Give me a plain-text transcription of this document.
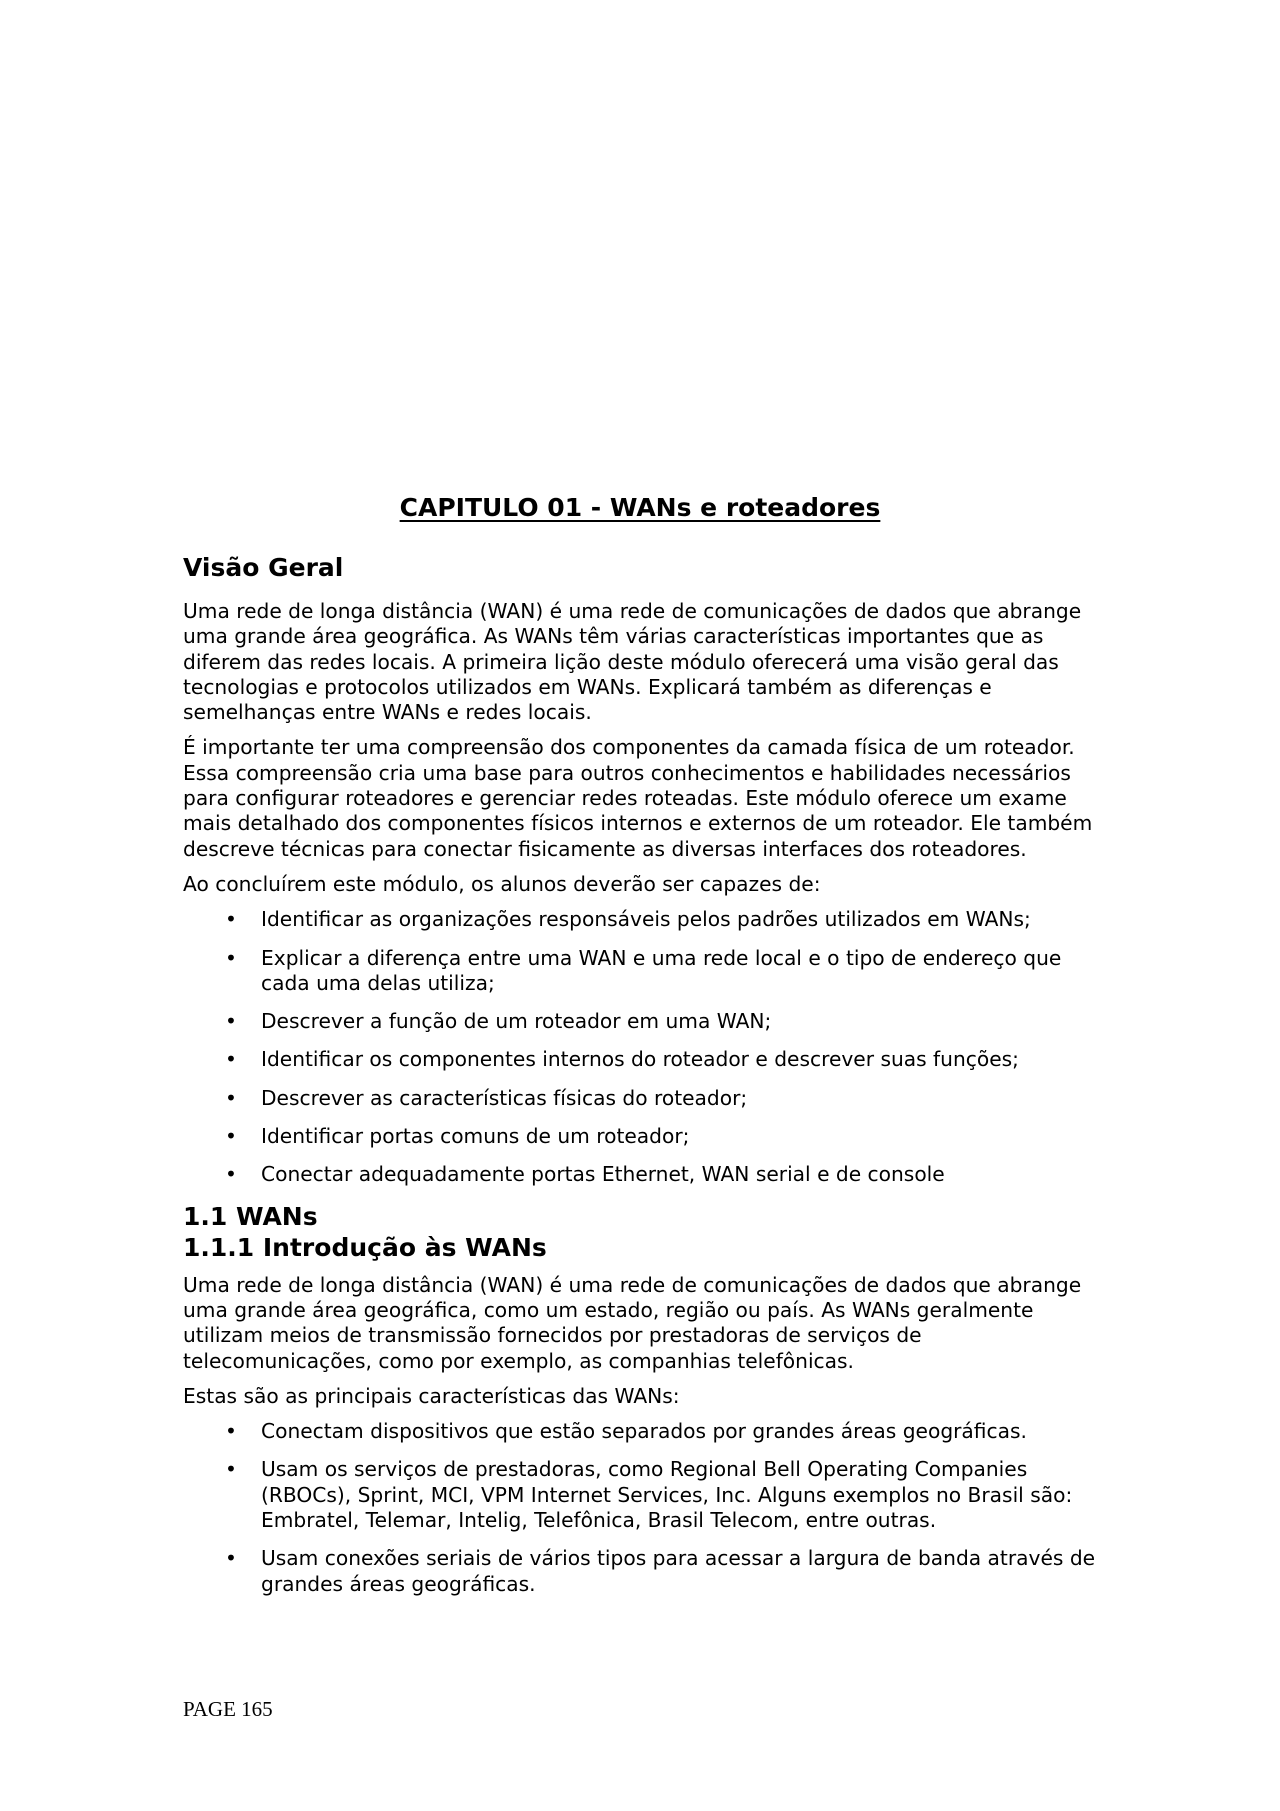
CAPITULO 01 - WANs e roteadores
Visão Geral

Uma rede de longa distância (WAN) é uma rede de comunicações de dados que abrange uma grande área geográfica. As WANs têm várias características importantes que as diferem das redes locais. A primeira lição deste módulo oferecerá uma visão geral das tecnologias e protocolos utilizados em WANs. Explicará também as diferenças e semelhanças entre WANs e redes locais.

É importante ter uma compreensão dos componentes da camada física de um roteador. Essa compreensão cria uma base para outros conhecimentos e habilidades necessários para configurar roteadores e gerenciar redes roteadas. Este módulo oferece um exame mais detalhado dos componentes físicos internos e externos de um roteador. Ele também descreve técnicas para conectar fisicamente as diversas interfaces dos roteadores.

Ao concluírem este módulo, os alunos deverão ser capazes de:

• Identificar as organizações responsáveis pelos padrões utilizados em WANs;
• Explicar a diferença entre uma WAN e uma rede local e o tipo de endereço que cada uma delas utiliza;
• Descrever a função de um roteador em uma WAN;
• Identificar os componentes internos do roteador e descrever suas funções;
• Descrever as características físicas do roteador;
• Identificar portas comuns de um roteador;
• Conectar adequadamente portas Ethernet, WAN serial e de console
1.1 WANs
1.1.1 Introdução às WANs

Uma rede de longa distância (WAN) é uma rede de comunicações de dados que abrange uma grande área geográfica, como um estado, região ou país. As WANs geralmente utilizam meios de transmissão fornecidos por prestadoras de serviços de telecomunicações, como por exemplo, as companhias telefônicas.

Estas são as principais características das WANs:

• Conectam dispositivos que estão separados por grandes áreas geográficas.
• Usam os serviços de prestadoras, como Regional Bell Operating Companies (RBOCs), Sprint, MCI, VPM Internet Services, Inc. Alguns exemplos no Brasil são: Embratel, Telemar, Intelig, Telefônica, Brasil Telecom, entre outras.
• Usam conexões seriais de vários tipos para acessar a largura de banda através de grandes áreas geográficas.
PAGE 165
